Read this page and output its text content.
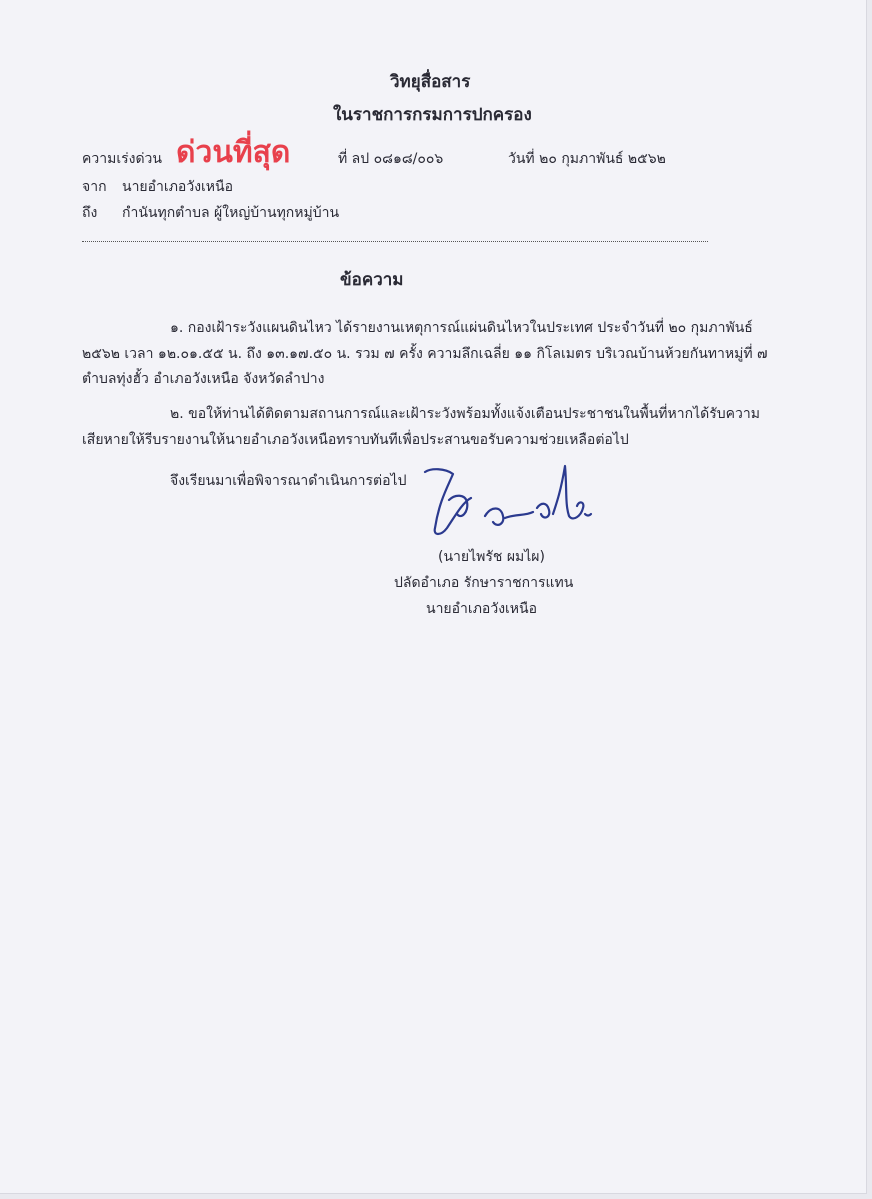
วิทยุสื่อสาร
ในราชการกรมการปกครอง
ความเร่งด่วน ด่วนที่สุด	ที่ ลป ๐๘๑๘/๐๐๖	วันที่ ๒๐ กุมภาพันธ์ ๒๕๖๒
จาก นายอำเภอวังเหนือ
ถึง กำนันทุกตำบล ผู้ใหญ่บ้านทุกหมู่บ้าน
ข้อความ
๑. กองเฝ้าระวังแผนดินไหว ได้รายงานเหตุการณ์แผ่นดินไหวในประเทศ ประจำวันที่ ๒๐ กุมภาพันธ์
๒๕๖๒ เวลา ๑๒.๐๑.๕๕ น. ถึง ๑๓.๑๗.๕๐ น. รวม ๗ ครั้ง ความลึกเฉลี่ย ๑๑ กิโลเมตร บริเวณบ้านห้วยกันทาหมู่ที่ ๗
ตำบลทุ่งฮั้ว อำเภอวังเหนือ จังหวัดลำปาง
๒. ขอให้ท่านได้ติดตามสถานการณ์และเฝ้าระวังพร้อมทั้งแจ้งเตือนประชาชนในพื้นที่หากได้รับความ
เสียหายให้รีบรายงานให้นายอำเภอวังเหนือทราบทันทีเพื่อประสานขอรับความช่วยเหลือต่อไป
จึงเรียนมาเพื่อพิจารณาดำเนินการต่อไป
(นายไพรัช ผมไผ)
ปลัดอำเภอ รักษาราชการแทน
นายอำเภอวังเหนือ
